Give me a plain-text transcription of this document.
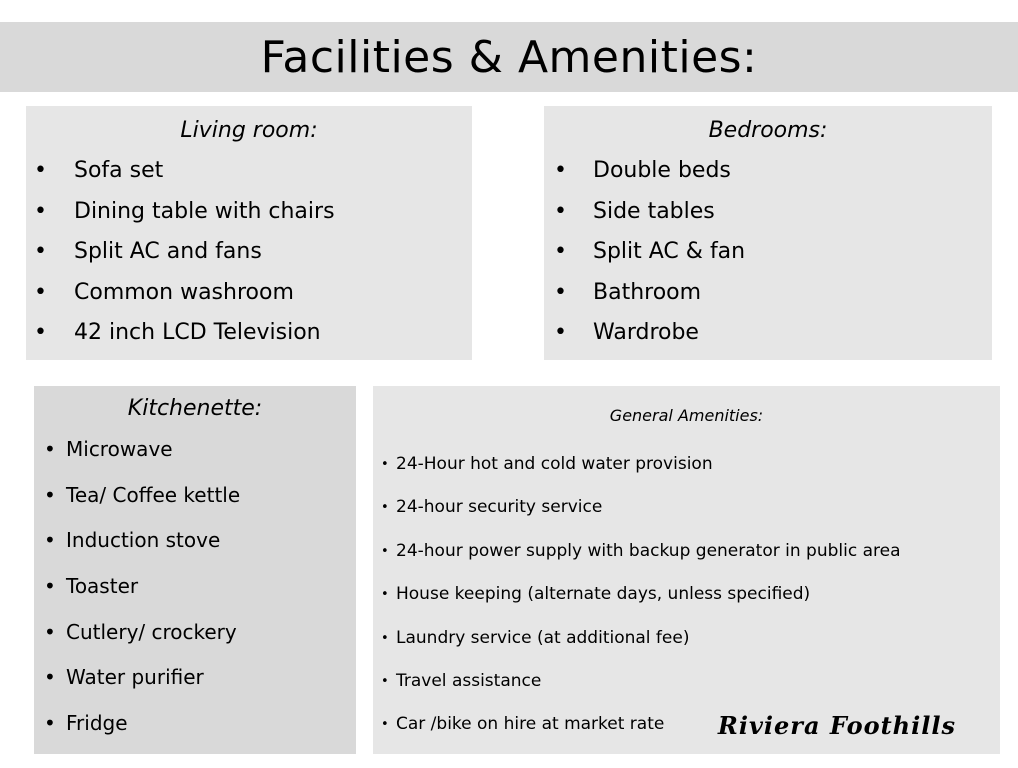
Facilities & Amenities:
Living room:
• Sofa set
• Dining table with chairs
• Split AC and fans
• Common washroom
• 42 inch LCD Television
Bedrooms:
• Double beds
• Side tables
• Split AC & fan
• Bathroom
• Wardrobe
Kitchenette:
• Microwave
• Tea/ Coffee kettle
• Induction stove
• Toaster
• Cutlery/ crockery
• Water purifier
• Fridge
General Amenities:
• 24-Hour hot and cold water provision
• 24-hour security service
• 24-hour power supply with backup generator in public area
• House keeping (alternate days, unless specified)
• Laundry service (at additional fee)
• Travel assistance
• Car /bike on hire at market rate	Riviera Foothills
